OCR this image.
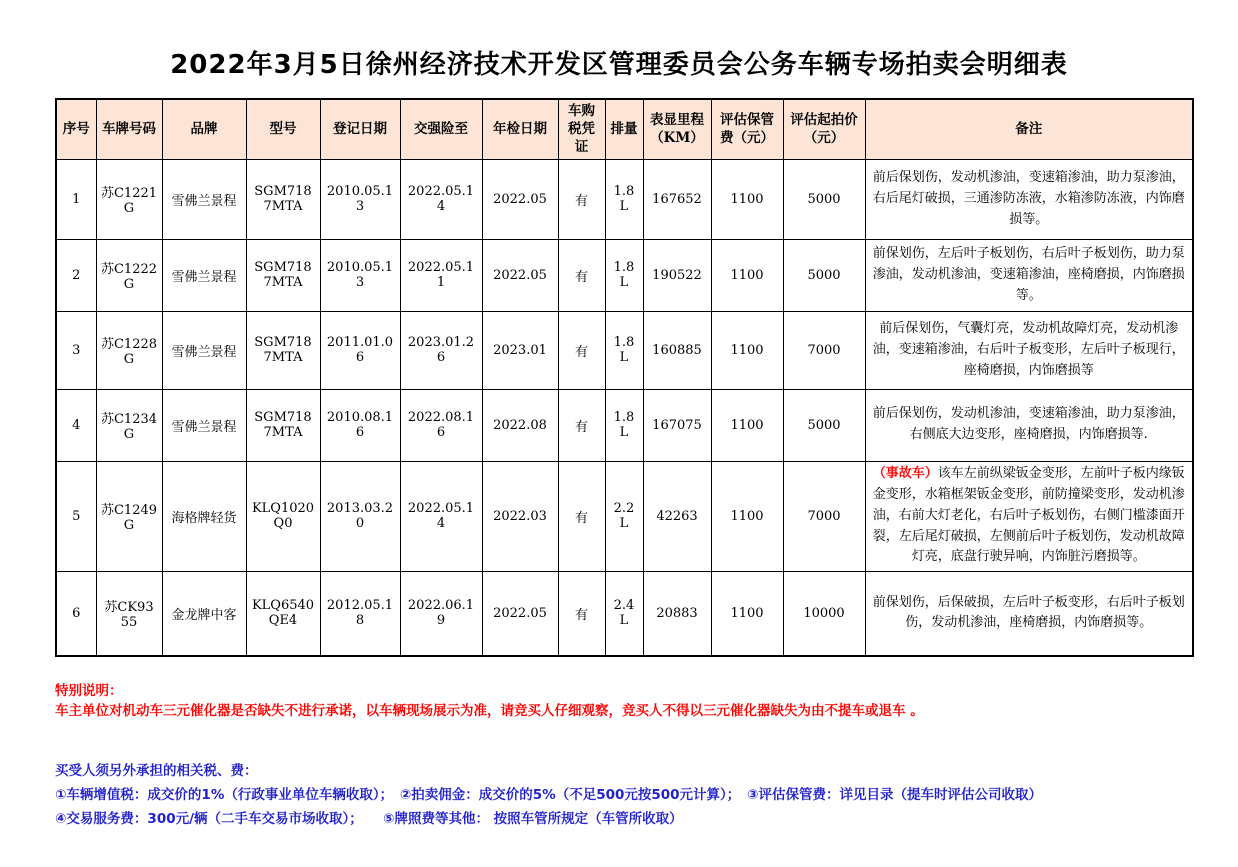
2022年3月5日徐州经济技术开发区管理委员会公务车辆专场拍卖会明细表
序号	车牌号码	品牌	型号	登记日期	交强险至	年检日期	车购税凭证	排量	表显里程（KM）	评估保管费（元）	评估起拍价（元）	备注
1	苏C1221G	雪佛兰景程	SGM7187MTA	2010.05.13	2022.05.14	2022.05	有	1.8L	167652	1100	5000	前后保划伤，发动机渗油，变速箱渗油，助力泵渗油，右后尾灯破损，三通渗防冻液，水箱渗防冻液，内饰磨损等。
2	苏C1222G	雪佛兰景程	SGM7187MTA	2010.05.13	2022.05.11	2022.05	有	1.8L	190522	1100	5000	前保划伤，左后叶子板划伤，右后叶子板划伤，助力泵渗油，发动机渗油，变速箱渗油，座椅磨损，内饰磨损等。
3	苏C1228G	雪佛兰景程	SGM7187MTA	2011.01.06	2023.01.26	2023.01	有	1.8L	160885	1100	7000	前后保划伤，气囊灯亮，发动机故障灯亮，发动机渗油，变速箱渗油，右后叶子板变形，左后叶子板现行，座椅磨损，内饰磨损等
4	苏C1234G	雪佛兰景程	SGM7187MTA	2010.08.16	2022.08.16	2022.08	有	1.8L	167075	1100	5000	前后保划伤，发动机渗油，变速箱渗油，助力泵渗油，右侧底大边变形，座椅磨损，内饰磨损等.
5	苏C1249G	海格牌轻货	KLQ1020Q0	2013.03.20	2022.05.14	2022.03	有	2.2L	42263	1100	7000	（事故车）该车左前纵梁钣金变形，左前叶子板内缘钣金变形，水箱框架钣金变形，前防撞梁变形，发动机渗油，右前大灯老化，右后叶子板划伤，右侧门槛漆面开裂，左后尾灯破损，左侧前后叶子板划伤，发动机故障灯亮，底盘行驶异响，内饰脏污磨损等。
6	苏CK9355	金龙牌中客	KLQ6540QE4	2012.05.18	2022.06.19	2022.05	有	2.4L	20883	1100	10000	前保划伤，后保破损，左后叶子板变形，右后叶子板划伤，发动机渗油，座椅磨损，内饰磨损等。

特别说明：

车主单位对机动车三元催化器是否缺失不进行承诺，以车辆现场展示为准，请竞买人仔细观察，竞买人不得以三元催化器缺失为由不提车或退车 。

买受人须另外承担的相关税、费：

①车辆增值税：成交价的1%（行政事业单位车辆收取）；　②拍卖佣金：成交价的5%（不足500元按500元计算）；　③评估保管费：详见目录（提车时评估公司收取）

④交易服务费：300元/辆（二手车交易市场收取）；　　⑤牌照费等其他： 按照车管所规定（车管所收取）
